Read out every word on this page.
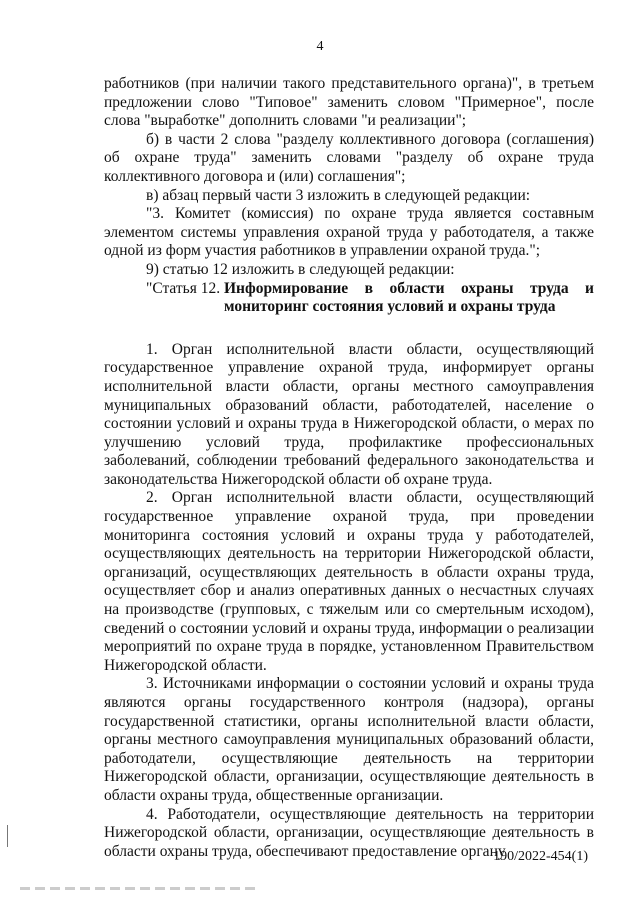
4

работников (при наличии такого представительного органа)", в третьем предложении слово "Типовое" заменить словом "Примерное", после слова "выработке" дополнить словами "и реализации";

б) в части 2 слова "разделу коллективного договора (соглашения) об охране труда" заменить словами "разделу об охране труда коллективного договора и (или) соглашения";

в) абзац первый части 3 изложить в следующей редакции:

"3. Комитет (комиссия) по охране труда является составным элементом системы управления охраной труда у работодателя, а также одной из форм участия работников в управлении охраной труда.";

9) статью 12 изложить в следующей редакции:

"Статья 12. Информирование в области охраны труда и мониторинг состояния условий и охраны труда

1. Орган исполнительной власти области, осуществляющий государственное управление охраной труда, информирует органы исполнительной власти области, органы местного самоуправления муниципальных образований области, работодателей, население о состоянии условий и охраны труда в Нижегородской области, о мерах по улучшению условий труда, профилактике профессиональных заболеваний, соблюдении требований федерального законодательства и законодательства Нижегородской области об охране труда.

2. Орган исполнительной власти области, осуществляющий государственное управление охраной труда, при проведении мониторинга состояния условий и охраны труда у работодателей, осуществляющих деятельность на территории Нижегородской области, организаций, осуществляющих деятельность в области охраны труда, осуществляет сбор и анализ оперативных данных о несчастных случаях на производстве (групповых, с тяжелым или со смертельным исходом), сведений о состоянии условий и охраны труда, информации о реализации мероприятий по охране труда в порядке, установленном Правительством Нижегородской области.

3. Источниками информации о состоянии условий и охраны труда являются органы государственного контроля (надзора), органы государственной статистики, органы исполнительной власти области, органы местного самоуправления муниципальных образований области, работодатели, осуществляющие деятельность на территории Нижегородской области, организации, осуществляющие деятельность в области охраны труда, общественные организации.

4. Работодатели, осуществляющие деятельность на территории Нижегородской области, организации, осуществляющие деятельность в области охраны труда, обеспечивают предоставление органу

190/2022-454(1)
